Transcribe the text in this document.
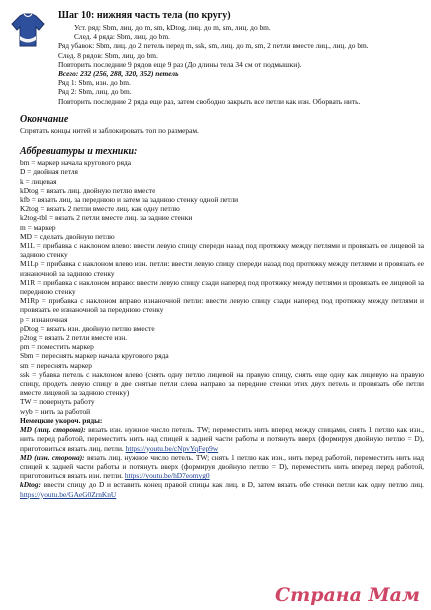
Шаг 10: нижняя часть тела (по кругу)
Уст. ряд: Sbm, лиц. до m, sm, kDtog, лиц. до m, sm, лиц. до bm.
След. 4 ряда: Sbm, лиц. до bm.
Ряд убавок: Sbm, лиц. до 2 петель перед m, ssk, sm, лиц. до m, sm, 2 петли вместе лиц., лиц. до bm.
След. 8 рядов: Sbm, лиц. до bm.
Повторить последние 9 рядов еще 9 раз (До длины тела 34 см от подмышки).
Всего: 232 (256, 288, 320, 352) петель
Ряд 1: Sbm, изн. до bm.
Ряд 2: Sbm, лиц. до bm.
Повторить последние 2 ряда еще раз, затем свободно закрыть все петли как изн. Оборвать нить.
Окончание
Спрятать концы нитей и заблокировать топ по размерам.
Аббревиатуры и техники:
bm = маркер начала кругового ряда
D = двойная петля
k = лицевая
kDtog = вязать лиц. двойную петлю вместе
kfb = вязать лиц. за переднюю и затем за заднюю стенку одной петли
K2tog = вязать 2 петли вместе лиц. как одну петлю
k2tog-tbl = вязать 2 петли вместе лиц. за задние стенки
m = маркер
MD = сделать двойную петлю
M1L = прибавка с наклоном влево: ввести левую спицу спереди назад под протяжку между петлями и провязать ее лицевой за заднюю стенку
M1Lp = прибавка с наклоном влево изн. петли: ввести левую спицу спереди назад под протяжку между петлями и провязать ее изнаночной за заднюю стенку
M1R = прибавка с наклоном вправо: ввести левую спицу сзади наперед под протяжку между петлями и провязать ее лицевой за переднюю стенку
M1Rp = прибавка с наклоном вправо изнаночной петли: ввести левую спицу сзади наперед под протяжку между петлями и провязать ее изнаночной за переднюю стенку
p = изнаночная
pDtog = вязать изн. двойную петлю вместе
p2tog = вязать 2 петли вместе изн.
pm = поместить маркер
Sbm = переснять маркер начала кругового ряда
sm = переснять маркер
ssk = убавка петель с наклоном влево (снять одну петлю лицевой на правую спицу, снять еще одну как лицевую на правую спицу, продеть левую спицу в две снятые петли слева направо за передние стенки этих двух петель и провязать обе петли вместе лицевой за заднюю стенку)
TW = повернуть работу
wyb = нить за работой
Немецкие укороч. ряды:
MD (лиц. сторона): вязать изн. нужное число петель. TW; переместить нить вперед между спицами, снять 1 петлю как изн., нить перед работой, переместить нить над спицей к задней части работы и потянуть вверх (формируя двойную петлю = D), приготовиться вязать лиц. петли. https://youtu.be/cNpvYqFep9w
MD (изн. сторона): вязать лиц. нужное число петель. TW; снять 1 петлю как изн., нить перед работой, переместить нить над спицей к задней части работы и потянуть вверх (формируя двойную петлю = D), переместить нить вперед перед работой, приготовиться вязать изн. петли. https://youtu.be/hD7eomyg0
kDtog: ввести спицу до D и вставить конец правой спицы как лиц. в D, затем вязать обе стенки петли как одну петлю лиц. https://youtu.be/GAeG0ZrnKnU
Страна Мам
